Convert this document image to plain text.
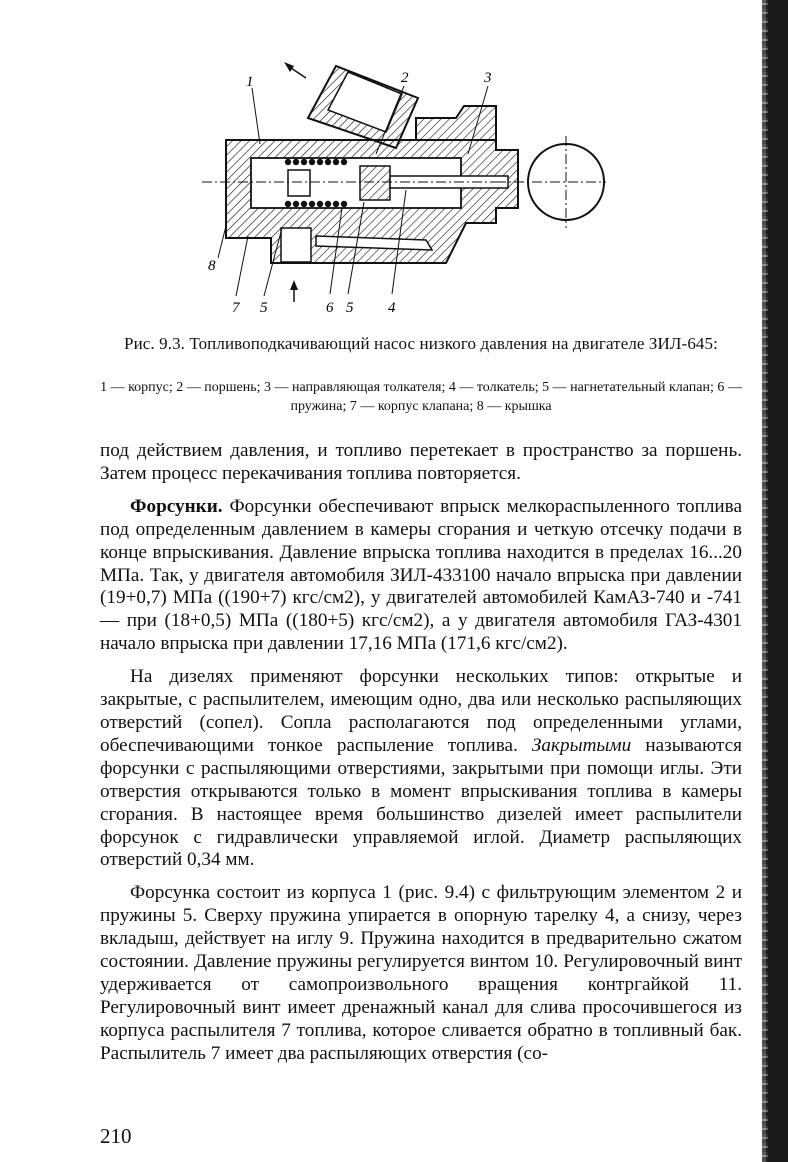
1	2	3
4
5
6
7
8
5
Рис. 9.3. Топливоподкачивающий насос низкого давления на двигателе ЗИЛ-645:
1 — корпус; 2 — поршень; 3 — направляющая толкателя; 4 — толкатель; 5 — нагнетательный клапан; 6 — пружина; 7 — корпус клапана; 8 — крышка

под действием давления, и топливо перетекает в пространство за поршень. Затем процесс перекачивания топлива повторяется.

Форсунки. Форсунки обеспечивают впрыск мелкораспыленного топлива под определенным давлением в камеры сгорания и четкую отсечку подачи в конце впрыскивания. Давление впрыска топлива находится в пределах 16...20 МПа. Так, у двигателя автомобиля ЗИЛ-433100 начало впрыска при давлении (19+0,7) МПа ((190+7) кгс/см2), у двигателей автомобилей КамАЗ-740 и -741 — при (18+0,5) МПа ((180+5) кгс/см2), а у двигателя автомобиля ГАЗ-4301 начало впрыска при давлении 17,16 МПа (171,6 кгс/см2).

На дизелях применяют форсунки нескольких типов: открытые и закрытые, с распылителем, имеющим одно, два или несколько распыляющих отверстий (сопел). Сопла располагаются под определенными углами, обеспечивающими тонкое распыление топлива. Закрытыми называются форсунки с распыляющими отверстиями, закрытыми при помощи иглы. Эти отверстия открываются только в момент впрыскивания топлива в камеры сгорания. В настоящее время большинство дизелей имеет распылители форсунок с гидравлически управляемой иглой. Диаметр распыляющих отверстий 0,34 мм.

Форсунка состоит из корпуса 1 (рис. 9.4) с фильтрующим элементом 2 и пружины 5. Сверху пружина упирается в опорную тарелку 4, а снизу, через вкладыш, действует на иглу 9. Пружина находится в предварительно сжатом состоянии. Давление пружины регулируется винтом 10. Регулировочный винт удерживается от самопроизвольного вращения контргайкой 11. Регулировочный винт имеет дренажный канал для слива просочившегося из корпуса распылителя 7 топлива, которое сливается обратно в топливный бак. Распылитель 7 имеет два распыляющих отверстия (со-

210
